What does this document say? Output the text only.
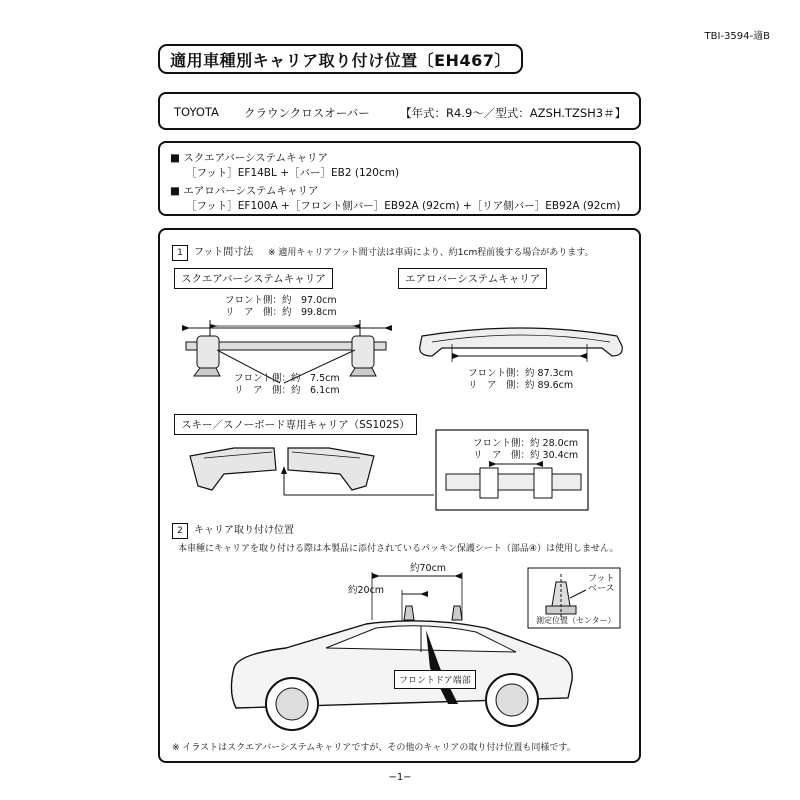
TBI-3594-適B
適用車種別キャリア取り付け位置〔EH467〕
TOYOTA クラウンクロスオーバー	【年式：R4.9～／型式：AZSH.TZSH3＃】
■ スクエアバーシステムキャリア
［フット］EF14BL +［バー］EB2 (120cm)
■ エアロバーシステムキャリア
［フット］EF100A +［フロント側バー］EB92A (92cm) +［リア側バー］EB92A (92cm)
1 フット間寸法 ※ 適用キャリアフット間寸法は車両により、約1cm程前後する場合があります。
スクエアバーシステムキャリア
フロント側：約　97.0cm
リ　ア　側：約　99.8cm
フロント側：約　7.5cm
リ　ア　側：約　6.1cm
エアロバーシステムキャリア
フロント側：約 87.3cm
リ　ア　側：約 89.6cm
スキー／スノーボード専用キャリア（SS102S）
フロント側：約 28.0cm
リ　ア　側：約 30.4cm
2 キャリア取り付け位置
本車種にキャリアを取り付ける際は本製品に添付されているパッキン保護シート（部品④）は使用しません。
約70cm
約20cm
フット
ベース
測定位置（センター）
フロントドア端部
※ イラストはスクエアバーシステムキャリアですが、その他のキャリアの取り付け位置も同様です。
−1−
